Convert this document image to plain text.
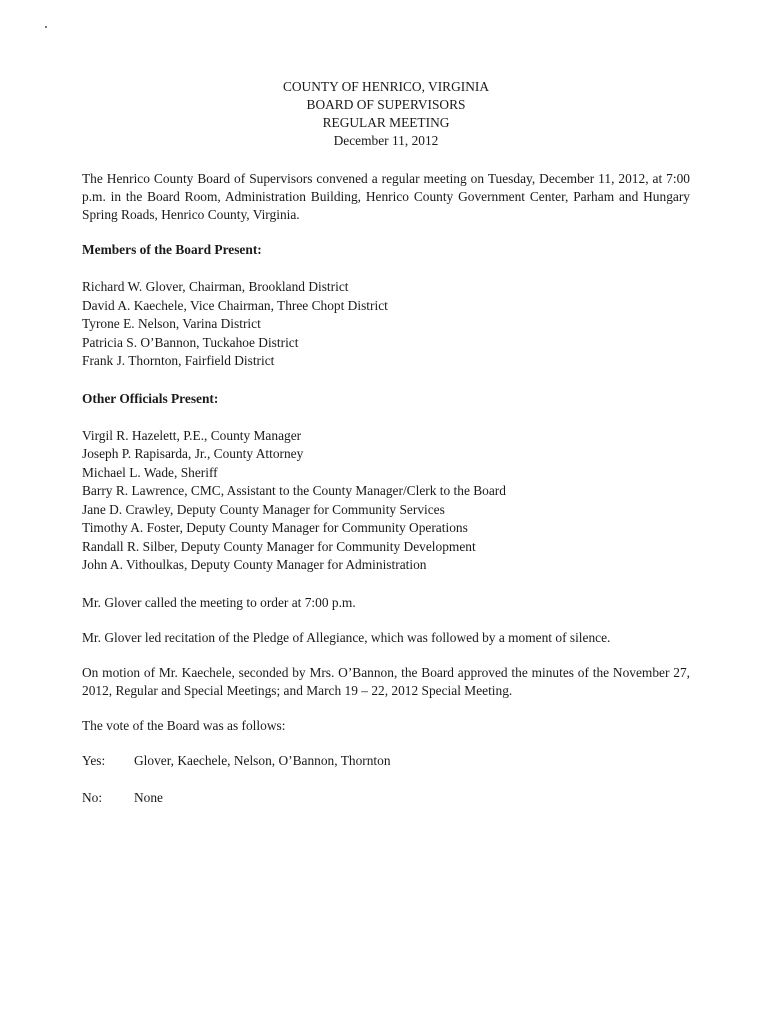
COUNTY OF HENRICO, VIRGINIA
BOARD OF SUPERVISORS
REGULAR MEETING
December 11, 2012

The Henrico County Board of Supervisors convened a regular meeting on Tuesday, December 11, 2012, at 7:00 p.m. in the Board Room, Administration Building, Henrico County Government Center, Parham and Hungary Spring Roads, Henrico County, Virginia.

Members of the Board Present:
Richard W. Glover, Chairman, Brookland District
David A. Kaechele, Vice Chairman, Three Chopt District
Tyrone E. Nelson, Varina District
Patricia S. O’Bannon, Tuckahoe District
Frank J. Thornton, Fairfield District
Other Officials Present:
Virgil R. Hazelett, P.E., County Manager
Joseph P. Rapisarda, Jr., County Attorney
Michael L. Wade, Sheriff
Barry R. Lawrence, CMC, Assistant to the County Manager/Clerk to the Board
Jane D. Crawley, Deputy County Manager for Community Services
Timothy A. Foster, Deputy County Manager for Community Operations
Randall R. Silber, Deputy County Manager for Community Development
John A. Vithoulkas, Deputy County Manager for Administration

Mr. Glover called the meeting to order at 7:00 p.m.

Mr. Glover led recitation of the Pledge of Allegiance, which was followed by a moment of silence.

On motion of Mr. Kaechele, seconded by Mrs. O’Bannon, the Board approved the minutes of the November 27, 2012, Regular and Special Meetings; and March 19 – 22, 2012 Special Meeting.

The vote of the Board was as follows:

Yes:	Glover, Kaechele, Nelson, O’Bannon, Thornton
No:	None
